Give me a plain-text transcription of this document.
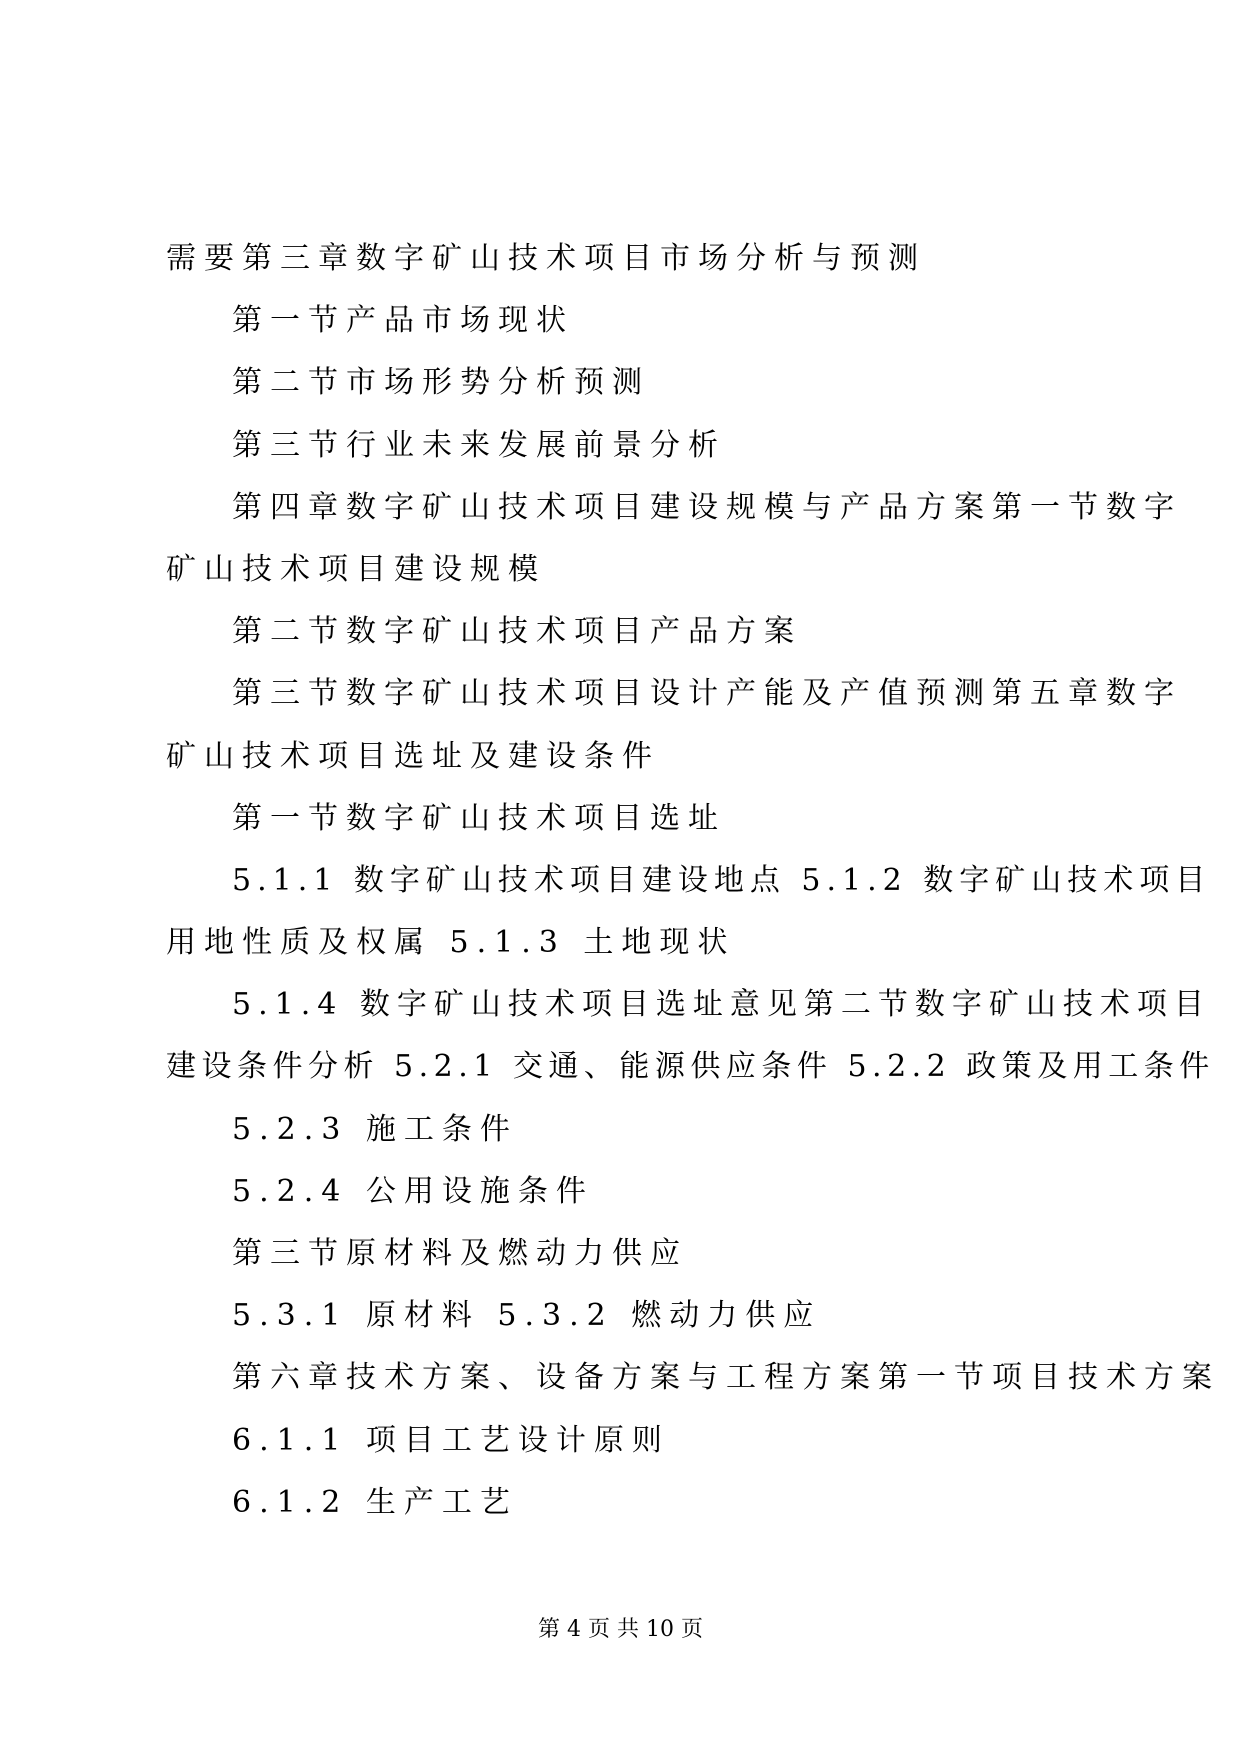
需要第三章数字矿山技术项目市场分析与预测
第一节产品市场现状
第二节市场形势分析预测
第三节行业未来发展前景分析
第四章数字矿山技术项目建设规模与产品方案第一节数字
矿山技术项目建设规模
第二节数字矿山技术项目产品方案
第三节数字矿山技术项目设计产能及产值预测第五章数字
矿山技术项目选址及建设条件
第一节数字矿山技术项目选址
5.1.1 数字矿山技术项目建设地点 5.1.2 数字矿山技术项目
用地性质及权属 5.1.3 土地现状
5.1.4 数字矿山技术项目选址意见第二节数字矿山技术项目
建设条件分析 5.2.1 交通、能源供应条件 5.2.2 政策及用工条件
5.2.3 施工条件
5.2.4 公用设施条件
第三节原材料及燃动力供应
5.3.1 原材料 5.3.2 燃动力供应
第六章技术方案、设备方案与工程方案第一节项目技术方案
6.1.1 项目工艺设计原则
6.1.2 生产工艺
第 4 页 共 10 页
